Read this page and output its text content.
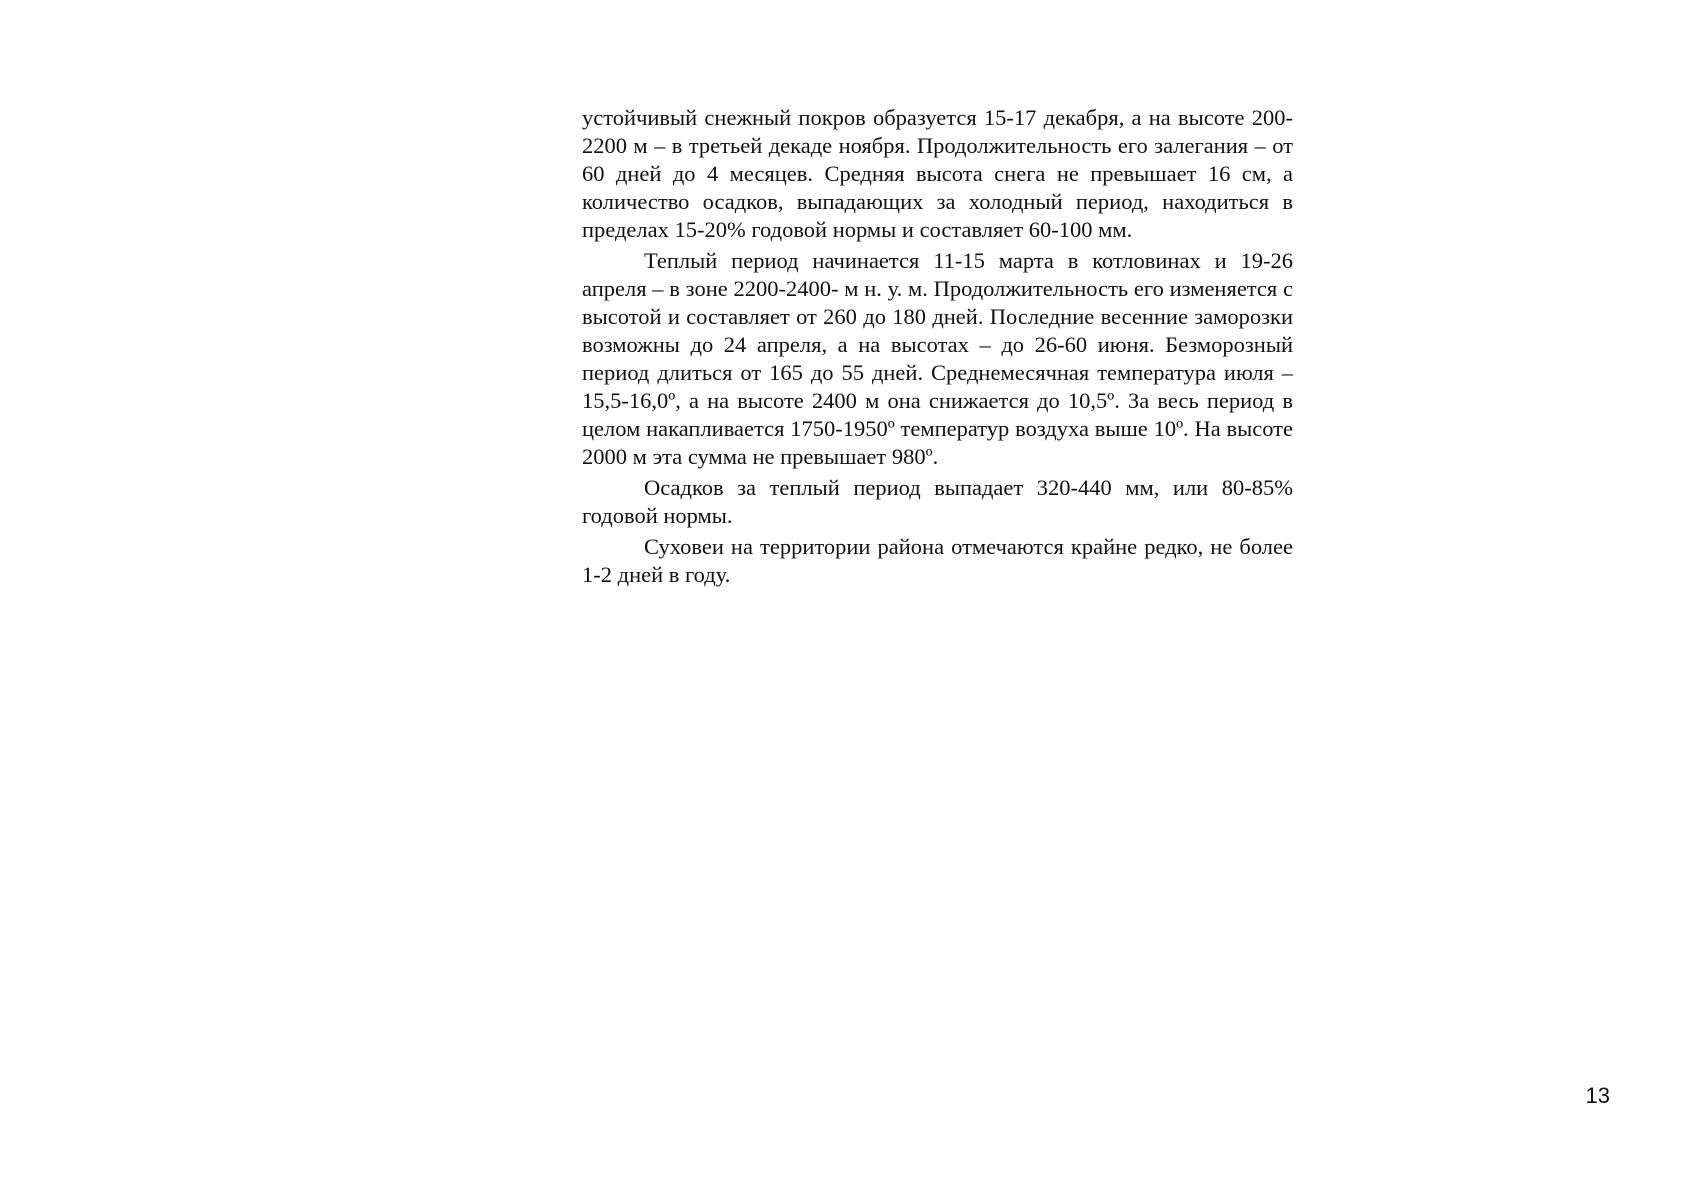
устойчивый снежный покров образуется 15-17 декабря, а на высоте 200-2200 м – в третьей декаде ноября. Продолжительность его залегания – от 60 дней до 4 месяцев. Средняя высота снега не превышает 16 см, а количество осадков, выпадающих за холодный период, находиться в пределах 15-20% годовой нормы и составляет 60-100 мм.

Теплый период начинается 11-15 марта в котловинах и 19-26 апреля – в зоне 2200-2400- м н. у. м. Продолжительность его изменяется с высотой и составляет от 260 до 180 дней. Последние весенние заморозки возможны до 24 апреля, а на высотах – до 26-60 июня. Безморозный период длиться от 165 до 55 дней. Среднемесячная температура июля –15,5-16,0º, а на высоте 2400 м она снижается до 10,5º. За весь период в целом накапливается 1750-1950º температур воздуха выше 10º. На высоте 2000 м эта сумма не превышает 980º.

Осадков за теплый период выпадает 320-440 мм, или 80-85% годовой нормы.

Суховеи на территории района отмечаются крайне редко, не более 1-2 дней в году.

13
